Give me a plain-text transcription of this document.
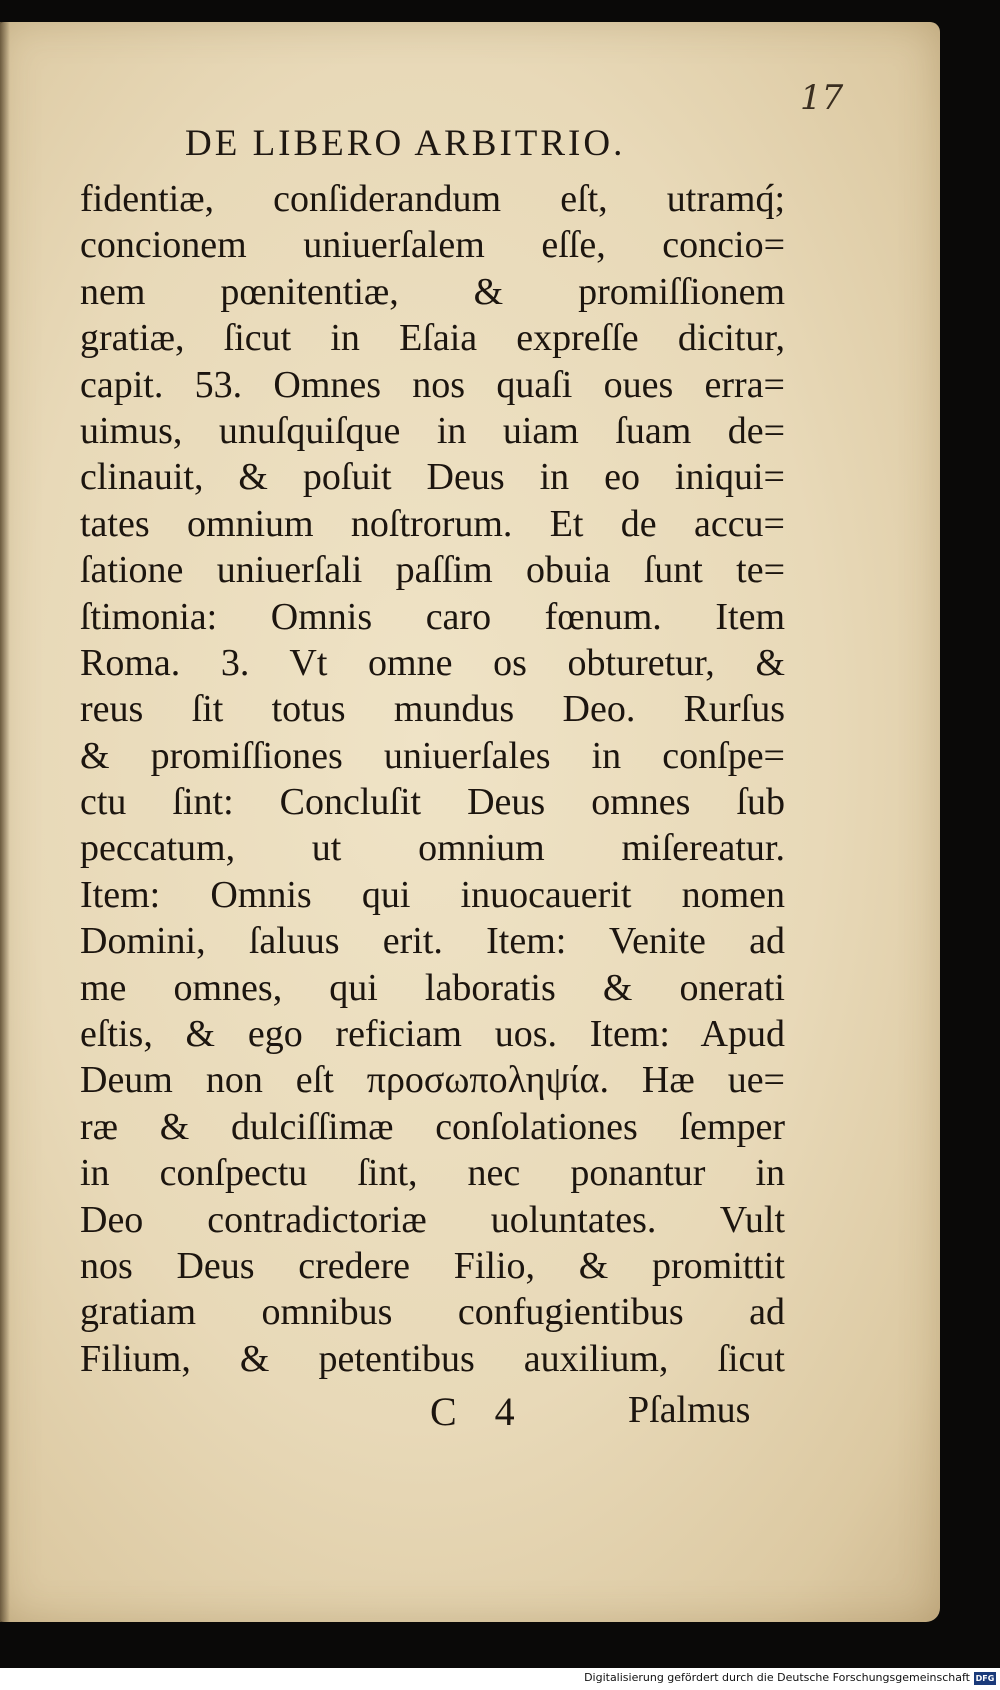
17
DE LIBERO ARBITRIO.
fidentiæ, conſiderandum eſt, utramq́;
concionem uniuerſalem eſſe, concio=
nem pœnitentiæ, & promiſſionem
gratiæ, ſicut in Eſaia expreſſe dicitur,
capit. 53. Omnes nos quaſi oues erra=
uimus, unuſquiſque in uiam ſuam de=
clinauit, & poſuit Deus in eo iniqui=
tates omnium noſtrorum. Et de accu=
ſatione uniuerſali paſſim obuia ſunt te=
ſtimonia: Omnis caro fœnum. Item
Roma. 3. Vt omne os obturetur, &
reus ſit totus mundus Deo. Rurſus
& promiſſiones uniuerſales in conſpe=
ctu ſint: Concluſit Deus omnes ſub
peccatum, ut omnium miſereatur.
Item: Omnis qui inuocauerit nomen
Domini, ſaluus erit. Item: Venite ad
me omnes, qui laboratis & onerati
eſtis, & ego reficiam uos. Item: Apud
Deum non eſt προσωποληψία. Hæ ue=
ræ & dulciſſimæ conſolationes ſemper
in conſpectu ſint, nec ponantur in
Deo contradictoriæ uoluntates. Vult
nos Deus credere Filio, & promittit
gratiam omnibus confugientibus ad
Filium, & petentibus auxilium, ſicut
C 4	Pſalmus
Digitalisierung gefördert durch die Deutsche Forschungsgemeinschaft DFG
